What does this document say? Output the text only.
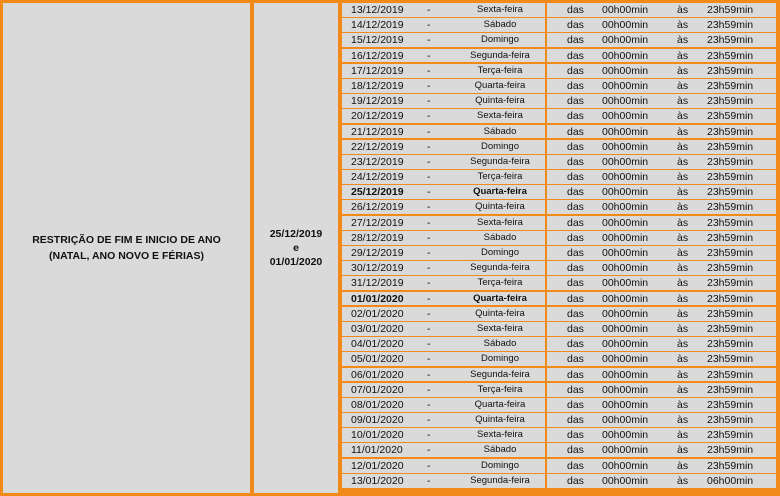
RESTRIÇÃO DE FIM E INICIO DE ANO
(NATAL, ANO NOVO E FÉRIAS)
25/12/2019
e
01/01/2020
13/12/2019 -	Sexta-feira	das 00h00min	às 23h59min
14/12/2019 -	Sábado	das 00h00min	às 23h59min
15/12/2019 -	Domingo	das 00h00min	às 23h59min
16/12/2019 -	Segunda-feira	das 00h00min	às 23h59min
17/12/2019 -	Terça-feira	das 00h00min	às 23h59min
18/12/2019 -	Quarta-feira	das 00h00min	às 23h59min
19/12/2019 -	Quinta-feira	das 00h00min	às 23h59min
20/12/2019 -	Sexta-feira	das 00h00min	às 23h59min
21/12/2019 -	Sábado	das 00h00min	às 23h59min
22/12/2019 -	Domingo	das 00h00min	às 23h59min
23/12/2019 -	Segunda-feira	das 00h00min	às 23h59min
24/12/2019 -	Terça-feira	das 00h00min	às 23h59min
25/12/2019 -	Quarta-feira	das 00h00min	às 23h59min
26/12/2019 -	Quinta-feira	das 00h00min	às 23h59min
27/12/2019 -	Sexta-feira	das 00h00min	às 23h59min
28/12/2019 -	Sábado	das 00h00min	às 23h59min
29/12/2019 -	Domingo	das 00h00min	às 23h59min
30/12/2019 -	Segunda-feira	das 00h00min	às 23h59min
31/12/2019 -	Terça-feira	das 00h00min	às 23h59min
01/01/2020 -	Quarta-feira	das 00h00min	às 23h59min
02/01/2020 -	Quinta-feira	das 00h00min	às 23h59min
03/01/2020 -	Sexta-feira	das 00h00min	às 23h59min
04/01/2020 -	Sábado	das 00h00min	às 23h59min
05/01/2020 -	Domingo	das 00h00min	às 23h59min
06/01/2020 -	Segunda-feira	das 00h00min	às 23h59min
07/01/2020 -	Terça-feira	das 00h00min	às 23h59min
08/01/2020 -	Quarta-feira	das 00h00min	às 23h59min
09/01/2020 -	Quinta-feira	das 00h00min	às 23h59min
10/01/2020 -	Sexta-feira	das 00h00min	às 23h59min
11/01/2020 -	Sábado	das 00h00min	às 23h59min
12/01/2020 -	Domingo	das 00h00min	às 23h59min
13/01/2020 -	Segunda-feira	das 00h00min	às 06h00min
